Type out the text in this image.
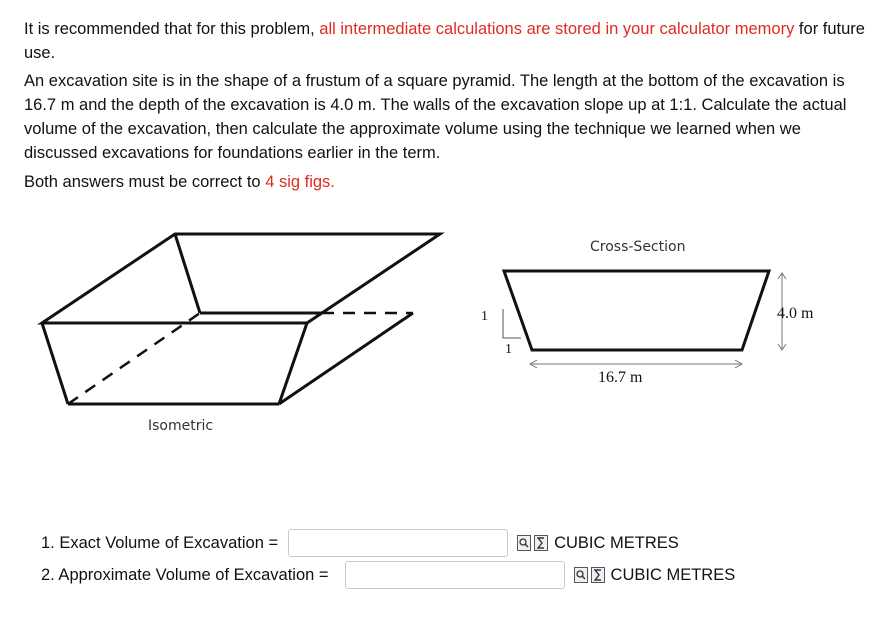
It is recommended that for this problem, all intermediate calculations are stored in your calculator memory for future use.

An excavation site is in the shape of a frustum of a square pyramid. The length at the bottom of the excavation is 16.7 m and the depth of the excavation is 4.0 m. The walls of the excavation slope up at 1:1. Calculate the actual volume of the excavation, then calculate the approximate volume using the technique we learned when we discussed excavations for foundations earlier in the term.

Both answers must be correct to 4 sig figs.

Isometric
Cross-Section
1
1
4.0 m
16.7 m
1. Exact Volume of Excavation =	CUBIC METRES
2. Approximate Volume of Excavation =	CUBIC METRES
